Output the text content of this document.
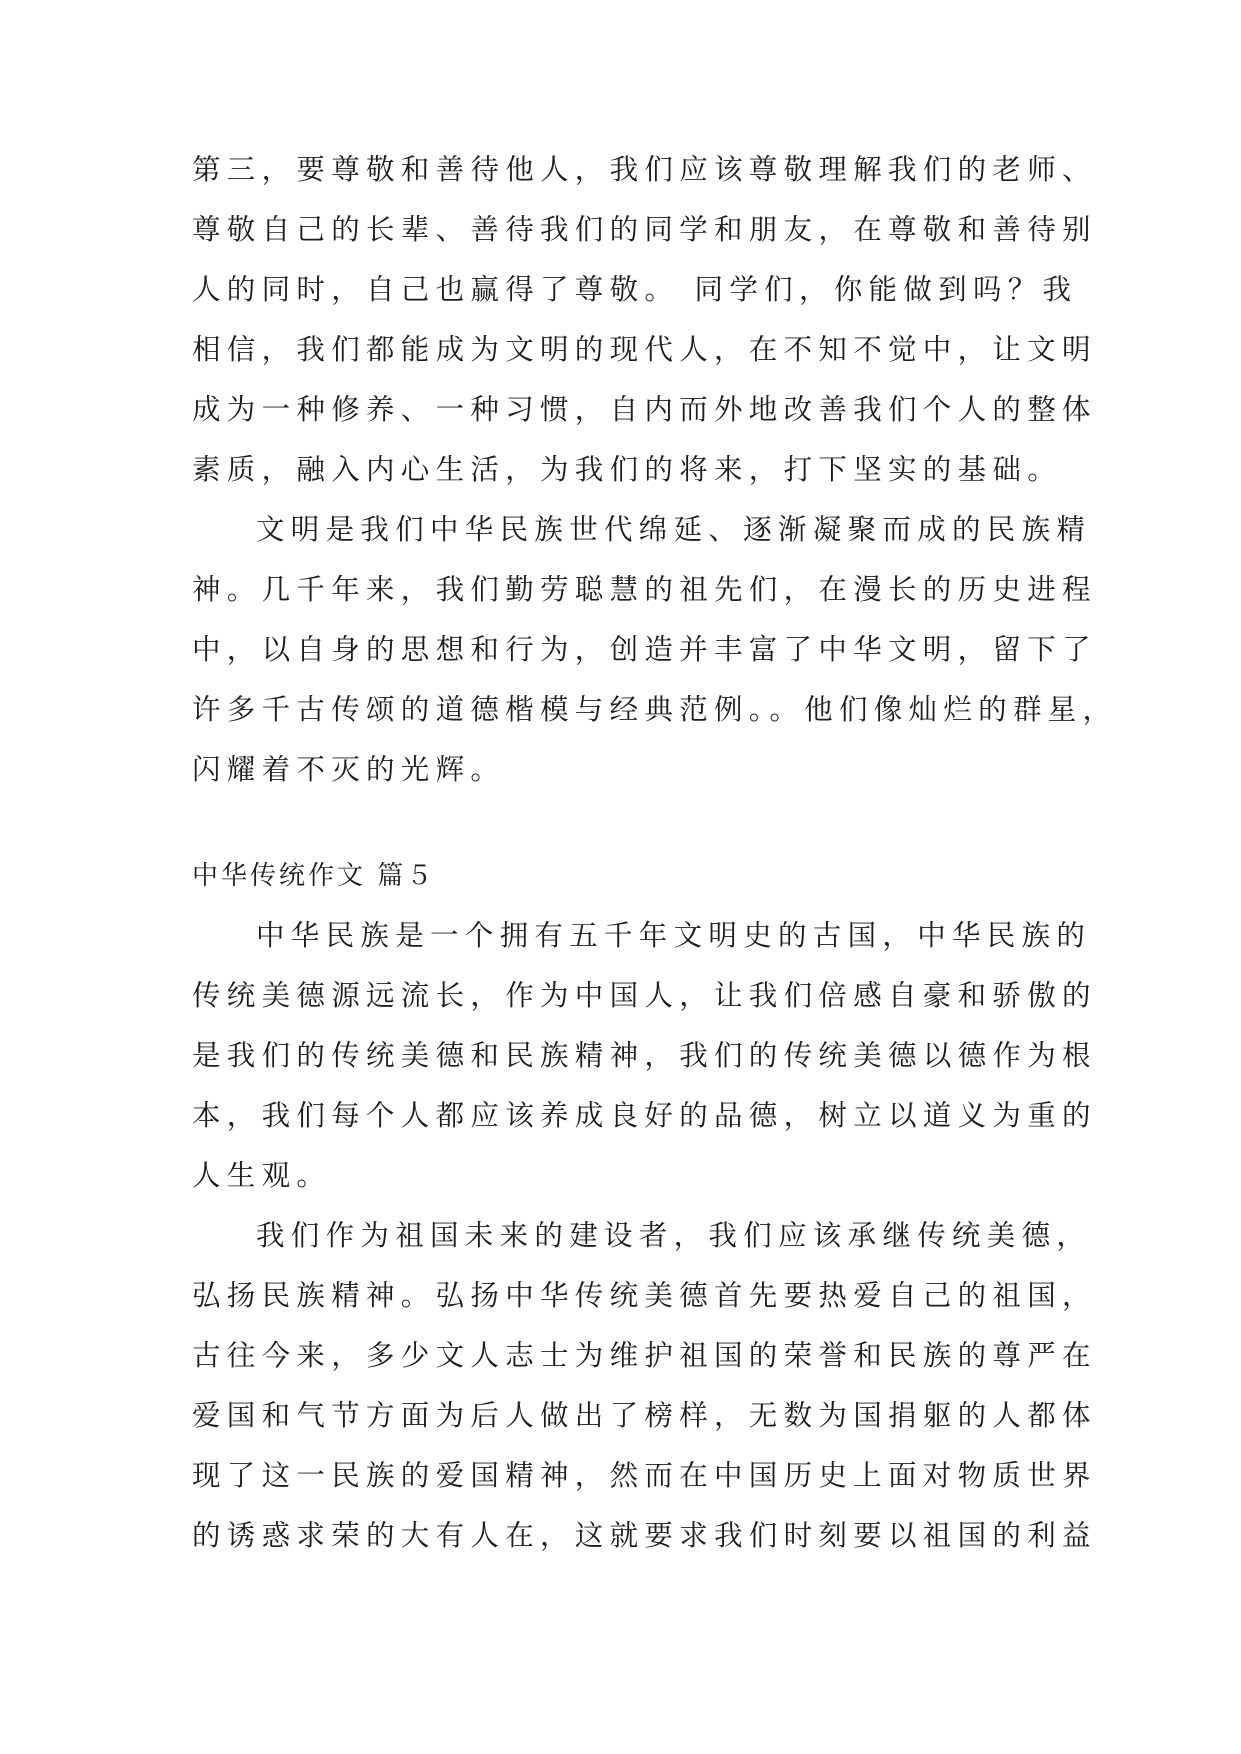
第三，要尊敬和善待他人，我们应该尊敬理解我们的老师、
尊敬自己的长辈、善待我们的同学和朋友，在尊敬和善待别
人的同时，自己也赢得了尊敬。 同学们，你能做到吗？我
相信，我们都能成为文明的现代人，在不知不觉中，让文明
成为一种修养、一种习惯，自内而外地改善我们个人的整体
素质，融入内心生活，为我们的将来，打下坚实的基础。
文明是我们中华民族世代绵延、逐渐凝聚而成的民族精
神。几千年来，我们勤劳聪慧的祖先们，在漫长的历史进程
中，以自身的思想和行为，创造并丰富了中华文明，留下了
许多千古传颂的道德楷模与经典范例。。他们像灿烂的群星，
闪耀着不灭的光辉。
中华传统作文 篇５
中华民族是一个拥有五千年文明史的古国，中华民族的
传统美德源远流长，作为中国人，让我们倍感自豪和骄傲的
是我们的传统美德和民族精神，我们的传统美德以德作为根
本，我们每个人都应该养成良好的品德，树立以道义为重的
人生观。
我们作为祖国未来的建设者，我们应该承继传统美德，
弘扬民族精神。弘扬中华传统美德首先要热爱自己的祖国，
古往今来，多少文人志士为维护祖国的荣誉和民族的尊严在
爱国和气节方面为后人做出了榜样，无数为国捐躯的人都体
现了这一民族的爱国精神，然而在中国历史上面对物质世界
的诱惑求荣的大有人在，这就要求我们时刻要以祖国的利益
